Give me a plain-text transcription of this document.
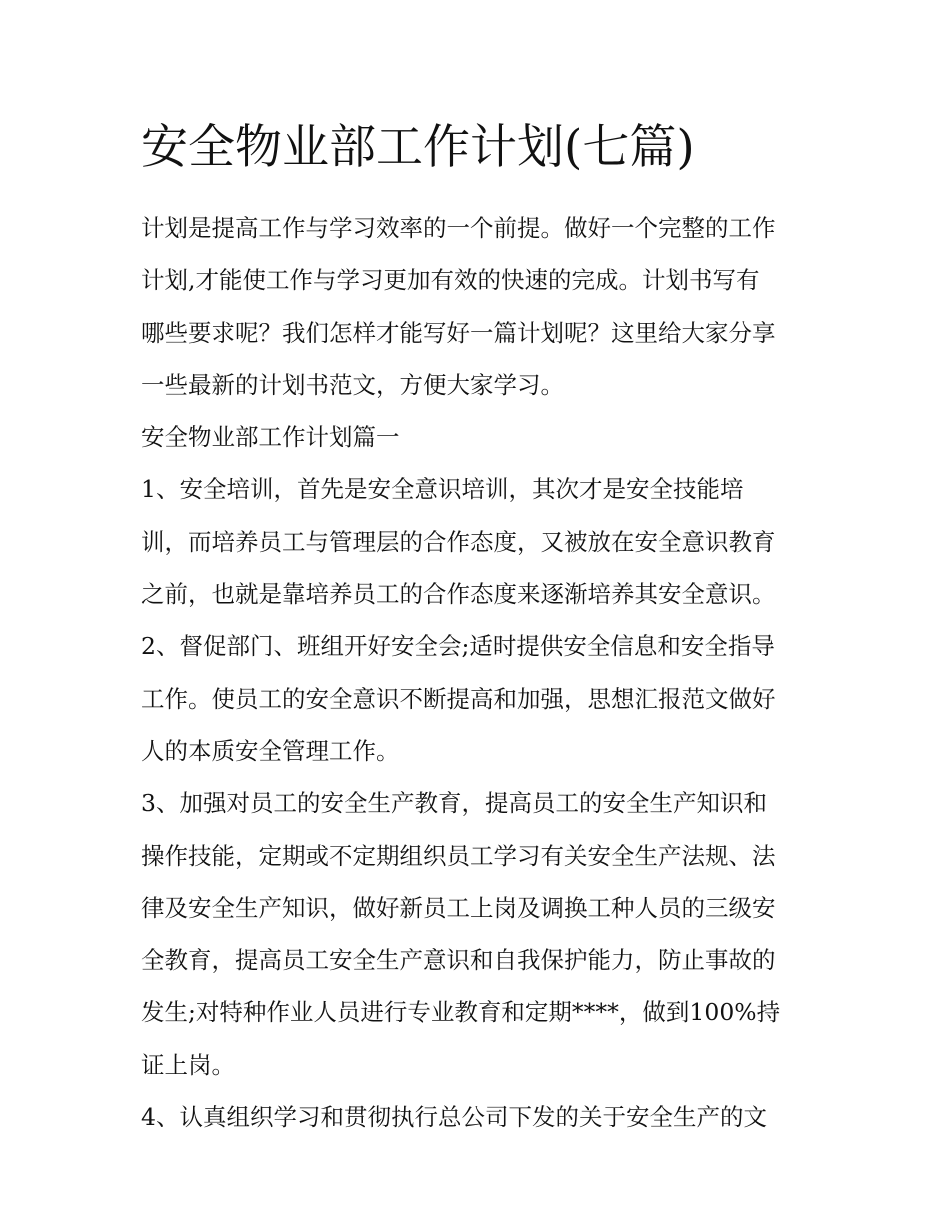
安全物业部工作计划(七篇)

计划是提高工作与学习效率的一个前提。做好一个完整的工作
计划,才能使工作与学习更加有效的快速的完成。计划书写有
哪些要求呢？我们怎样才能写好一篇计划呢？这里给大家分享
一些最新的计划书范文，方便大家学习。

安全物业部工作计划篇一

1、安全培训，首先是安全意识培训，其次才是安全技能培
训，而培养员工与管理层的合作态度，又被放在安全意识教育
之前，也就是靠培养员工的合作态度来逐渐培养其安全意识。

2、督促部门、班组开好安全会;适时提供安全信息和安全指导
工作。使员工的安全意识不断提高和加强，思想汇报范文做好
人的本质安全管理工作。

3、加强对员工的安全生产教育，提高员工的安全生产知识和
操作技能，定期或不定期组织员工学习有关安全生产法规、法
律及安全生产知识，做好新员工上岗及调换工种人员的三级安
全教育，提高员工安全生产意识和自我保护能力，防止事故的
发生;对特种作业人员进行专业教育和定期****，做到100%持
证上岗。

4、认真组织学习和贯彻执行总公司下发的关于安全生产的文
